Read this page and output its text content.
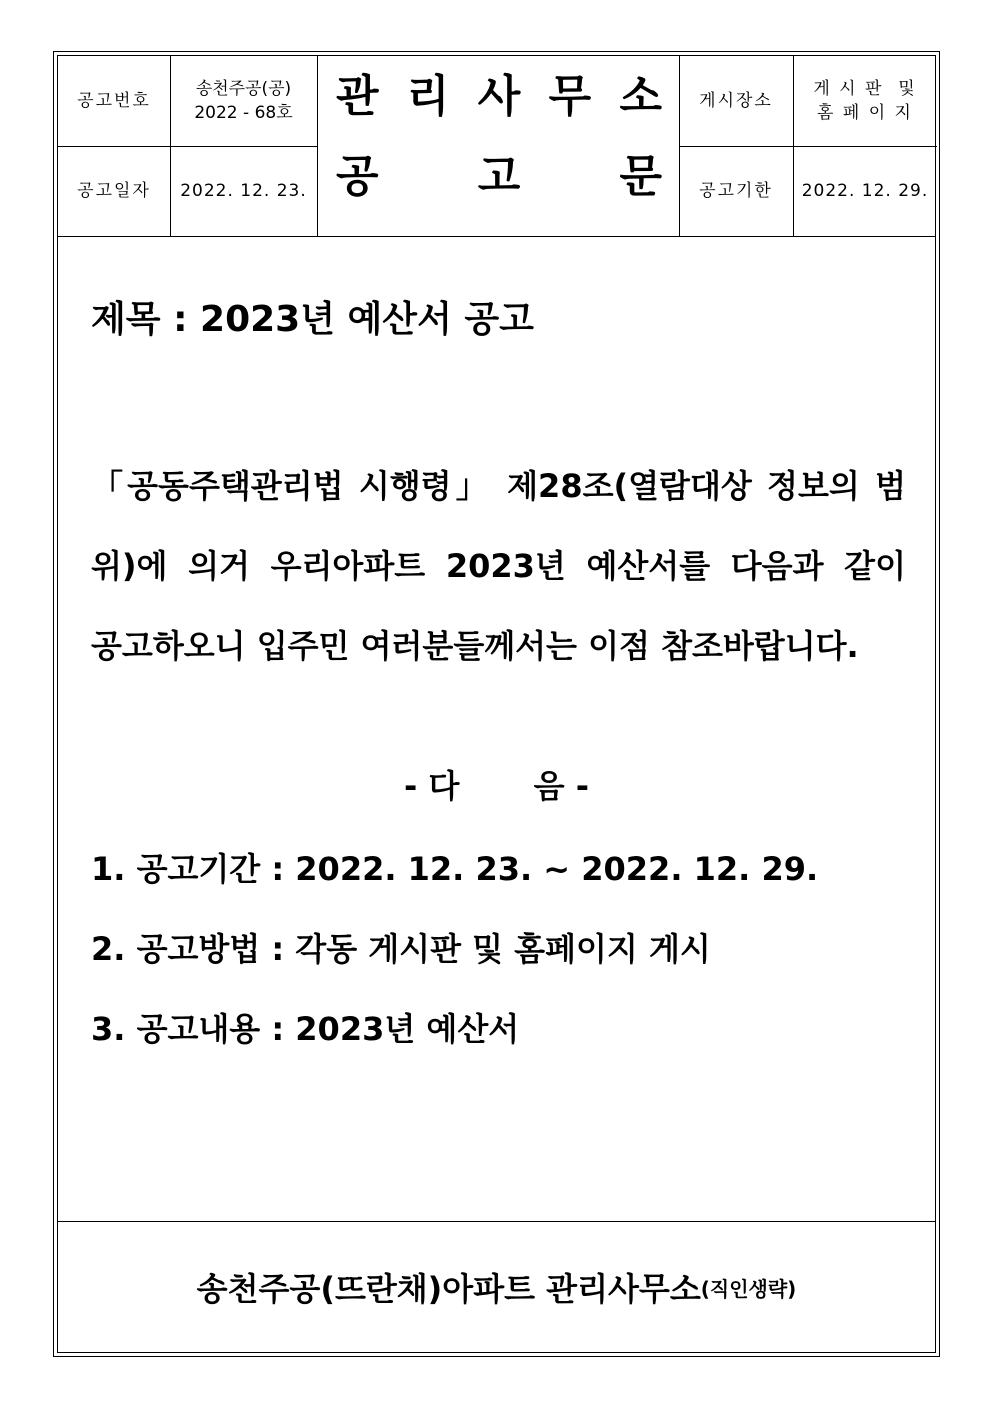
공고번호
송천주공(공)
2022 - 68호
공고일자	2022. 12. 23.
관 리 사 무 소
공 고 문
게시장소
게 시 판  및
홈 페 이 지
공고기한	2022. 12. 29.
제목 : 2023년 예산서 공고
「공동주택관리법 시행령」 제28조(열람대상 정보의 범
위)에 의거 우리아파트 2023년 예산서를 다음과 같이
공고하오니 입주민 여러분들께서는 이점 참조바랍니다.
- 다 음 -
1. 공고기간 : 2022. 12. 23. ~ 2022. 12. 29.
2. 공고방법 : 각동 게시판 및 홈페이지 게시
3. 공고내용 : 2023년 예산서
송천주공(뜨란채)아파트 관리사무소 (직인생략)
